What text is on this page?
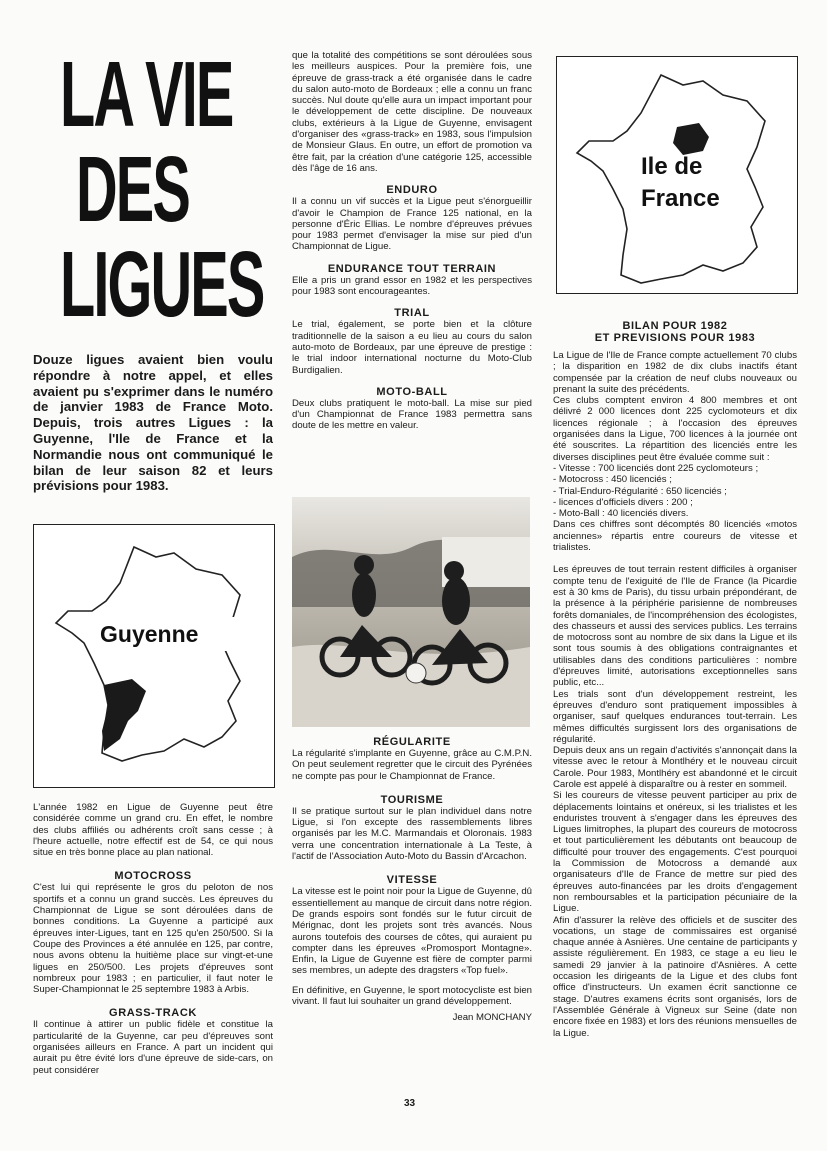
LA VIE
DES
LIGUES

Douze ligues avaient bien voulu répondre à notre appel, et elles avaient pu s'exprimer dans le numéro de janvier 1983 de France Moto. Depuis, trois autres Ligues : la Guyenne, l'Ile de France et la Normandie nous ont communiqué le bilan de leur saison 82 et leurs prévisions pour 1983.

Guyenne

L'année 1982 en Ligue de Guyenne peut être considérée comme un grand cru. En effet, le nombre des clubs affiliés ou adhérents croît sans cesse ; à l'heure actuelle, notre effectif est de 54, ce qui nous situe en très bonne place au plan national.

MOTOCROSS

C'est lui qui représente le gros du peloton de nos sportifs et a connu un grand succès. Les épreuves du Championnat de Ligue se sont déroulées dans de bonnes conditions. La Guyenne a participé aux épreuves inter-Ligues, tant en 125 qu'en 250/500. Si la Coupe des Provinces a été annulée en 125, par contre, nous avons obtenu la huitième place sur vingt-et-une ligues en 250/500. Les projets d'épreuves sont nombreux pour 1983 ; en particulier, il faut noter le Super-Championnat le 25 septembre 1983 à Arbis.

GRASS-TRACK

Il continue à attirer un public fidèle et constitue la particularité de la Guyenne, car peu d'épreuves sont organisées ailleurs en France. A part un incident qui aurait pu être évité lors d'une épreuve de side-cars, on peut considérer

que la totalité des compétitions se sont déroulées sous les meilleurs auspices. Pour la première fois, une épreuve de grass-track a été organisée dans le cadre du salon auto-moto de Bordeaux ; elle a connu un franc succès. Nul doute qu'elle aura un impact important pour le développement de cette discipline. De nouveaux clubs, extérieurs à la Ligue de Guyenne, envisagent d'organiser des «grass-track» en 1983, sous l'impulsion de Monsieur Glaus. En outre, un effort de promotion va être fait, par la création d'une catégorie 125, accessible dès l'âge de 16 ans.

ENDURO

Il a connu un vif succès et la Ligue peut s'énorgueillir d'avoir le Champion de France 125 national, en la personne d'Éric Ellias. Le nombre d'épreuves prévues pour 1983 permet d'envisager la mise sur pied d'un Championnat de Ligue.

ENDURANCE TOUT TERRAIN

Elle a pris un grand essor en 1982 et les perspectives pour 1983 sont encourageantes.

TRIAL

Le trial, également, se porte bien et la clôture traditionnelle de la saison a eu lieu au cours du salon auto-moto de Bordeaux, par une épreuve de prestige : le trial indoor international nocturne du Moto-Club Burdigalien.

MOTO-BALL

Deux clubs pratiquent le moto-ball. La mise sur pied d'un Championnat de France 1983 permettra sans doute de les mettre en valeur.

RÉGULARITE

La régularité s'implante en Guyenne, grâce au C.M.P.N. On peut seulement regretter que le circuit des Pyrénées ne compte pas pour le Championnat de France.

TOURISME

Il se pratique surtout sur le plan individuel dans notre Ligue, si l'on excepte des rassemblements libres organisés par les M.C. Marmandais et Oloronais. 1983 verra une concentration internationale à La Teste, à l'actif de l'Association Auto-Moto du Bassin d'Arcachon.

VITESSE

La vitesse est le point noir pour la Ligue de Guyenne, dû essentiellement au manque de circuit dans notre région. De grands espoirs sont fondés sur le futur circuit de Mérignac, dont les projets sont très avancés. Nous aurons toutefois des courses de côtes, qui auraient pu compter dans les épreuves «Promosport Montagne». Enfin, la Ligue de Guyenne est fière de compter parmi ses membres, un adepte des dragsters «Top fuel».

En définitive, en Guyenne, le sport motocycliste est bien vivant. Il faut lui souhaiter un grand développement.

Jean MONCHANY

Ile de
France

BILAN POUR 1982

ET PREVISIONS POUR 1983

La Ligue de l'Ile de France compte actuellement 70 clubs ; la disparition en 1982 de dix clubs inactifs étant compensée par la création de neuf clubs nouveaux ou prenant la suite des précédents.

Ces clubs comptent environ 4 800 membres et ont délivré 2 000 licences dont 225 cyclomoteurs et dix licences régionale ; à l'occasion des épreuves organisées dans la Ligue, 700 licences à la journée ont été souscrites. La répartition des licenciés entre les diverses disciplines peut être évaluée comme suit :

- Vitesse : 700 licenciés dont 225 cyclomoteurs ;
- Motocross : 450 licenciés ;
- Trial-Enduro-Régularité : 650 licenciés ;
- licences d'officiels divers : 200 ;
- Moto-Ball : 40 licenciés divers.

Dans ces chiffres sont décomptés 80 licenciés «motos anciennes» répartis entre coureurs de vitesse et trialistes.

Les épreuves de tout terrain restent difficiles à organiser compte tenu de l'exiguité de l'Ile de France (la Picardie est à 30 kms de Paris), du tissu urbain prépondérant, de la présence à la périphérie parisienne de nombreuses forêts domaniales, de l'incompréhension des écologistes, des chasseurs et aussi des services publics. Les terrains de motocross sont au nombre de six dans la Ligue et ils sont tous soumis à des obligations contraignantes et utilisables dans des conditions particulières : nombre d'épreuves limité, autorisations exceptionnelles sans public, etc...

Les trials sont d'un développement restreint, les épreuves d'enduro sont pratiquement impossibles à organiser, sauf quelques endurances tout-terrain. Les mêmes difficultés surgissent lors des organisations de régularité.

Depuis deux ans un regain d'activités s'annonçait dans la vitesse avec le retour à Montlhéry et le nouveau circuit Carole. Pour 1983, Montlhéry est abandonné et le circuit Carole est appelé à disparaître ou à rester en sommeil.

Si les coureurs de vitesse peuvent participer au prix de déplacements lointains et onéreux, si les trialistes et les enduristes trouvent à s'engager dans les épreuves des Ligues limitrophes, la plupart des coureurs de motocross et tout particulièrement les débutants ont beaucoup de difficulté pour trouver des engagements. C'est pourquoi la Commission de Motocross a demandé aux organisateurs d'Ile de France de mettre sur pied des épreuves auto-financées par les droits d'engagement non remboursables et la participation pécuniaire de la Ligue.

Afin d'assurer la relève des officiels et de susciter des vocations, un stage de commissaires est organisé chaque année à Asnières. Une centaine de participants y assiste régulièrement. En 1983, ce stage a eu lieu le samedi 29 janvier à la patinoire d'Asnières. A cette occasion les dirigeants de la Ligue et des clubs font office d'instructeurs. Un examen écrit sanctionne ce stage. D'autres examens écrits sont organisés, lors de l'Assemblée Générale à Vigneux sur Seine (date non encore fixée en 1983) et lors des réunions mensuelles de la Ligue.

33
